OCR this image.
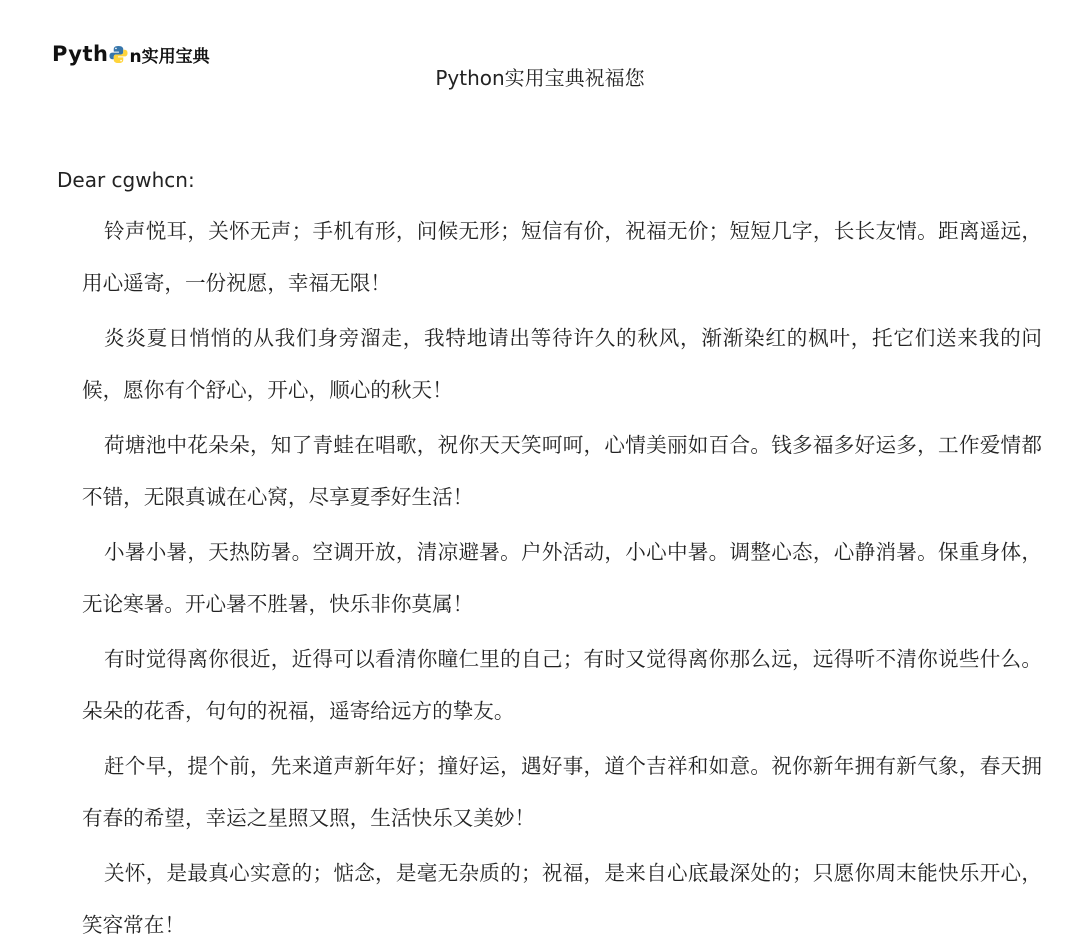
Pyth n实用宝典
Python实用宝典祝福您
Dear cgwhcn:

铃声悦耳，关怀无声；手机有形，问候无形；短信有价，祝福无价；短短几字，长长友情。距离遥远，用心遥寄，一份祝愿，幸福无限！

炎炎夏日悄悄的从我们身旁溜走，我特地请出等待许久的秋风，渐渐染红的枫叶，托它们送来我的问候，愿你有个舒心，开心，顺心的秋天！

荷塘池中花朵朵，知了青蛙在唱歌，祝你天天笑呵呵，心情美丽如百合。钱多福多好运多，工作爱情都不错，无限真诚在心窝，尽享夏季好生活！

小暑小暑，天热防暑。空调开放，清凉避暑。户外活动，小心中暑。调整心态，心静消暑。保重身体，无论寒暑。开心暑不胜暑，快乐非你莫属！

有时觉得离你很近，近得可以看清你瞳仁里的自己；有时又觉得离你那么远，远得听不清你说些什么。朵朵的花香，句句的祝福，遥寄给远方的挚友。

赶个早，提个前，先来道声新年好；撞好运，遇好事，道个吉祥和如意。祝你新年拥有新气象，春天拥有春的希望，幸运之星照又照，生活快乐又美妙！

关怀，是最真心实意的；惦念，是毫无杂质的；祝福，是来自心底最深处的；只愿你周末能快乐开心，笑容常在！
